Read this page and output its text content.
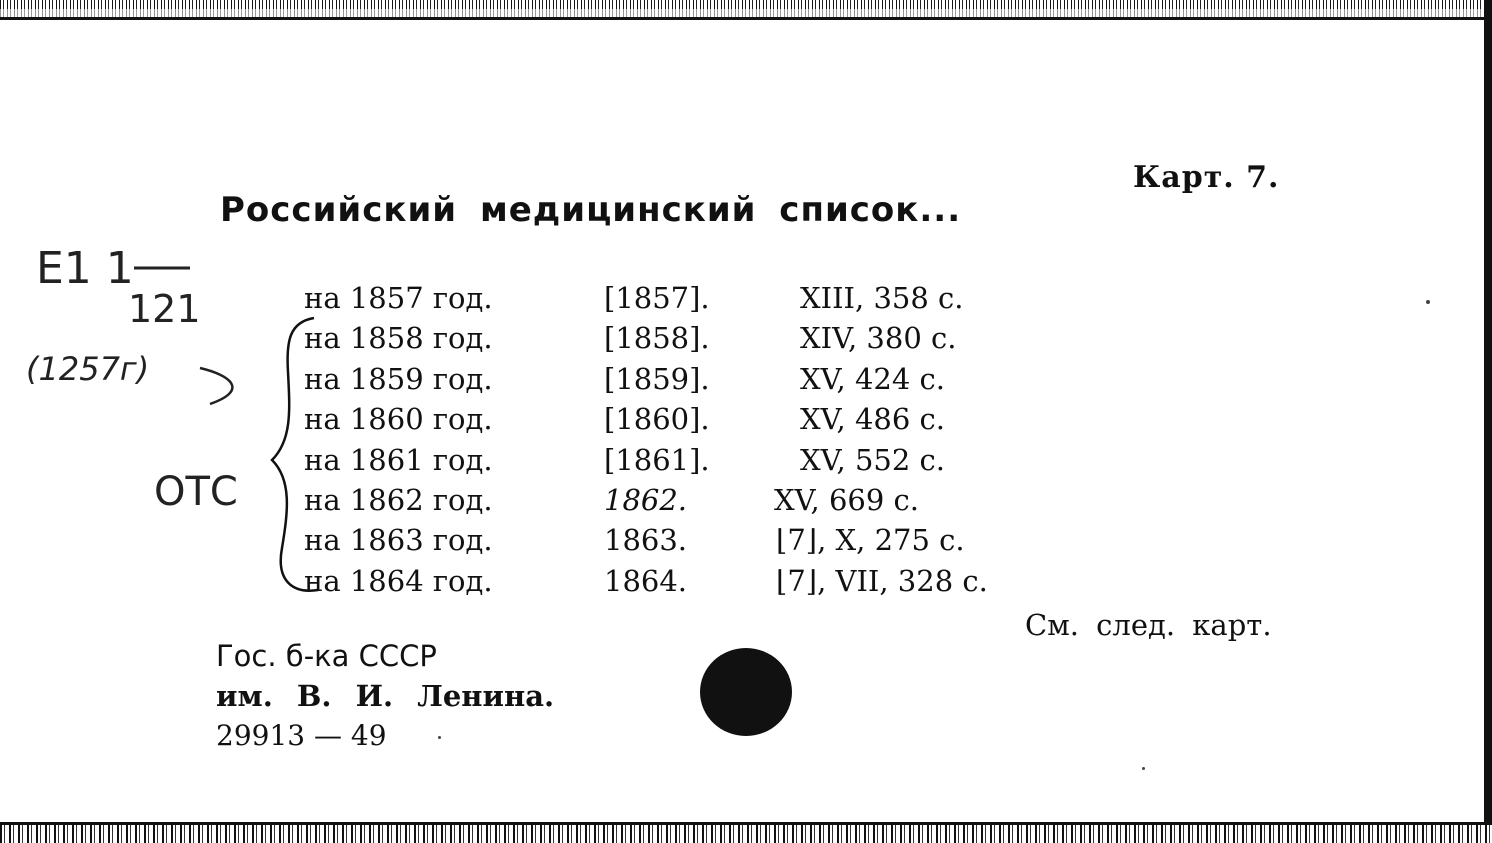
Карт. 7.
Российский медицинский список...
на 1857 год.	[1857].	XIII, 358 с.
на 1858 год.	[1858].	XIV, 380 с.
на 1859 год.	[1859].	XV, 424 с.
на 1860 год.	[1860].	XV, 486 с.
на 1861 год.	[1861].	XV, 552 с.
на 1862 год.	1862.	XV, 669 с.
на 1863 год.	1863.	⌊7⌋, X, 275 с.
на 1864 год.	1864.	⌊7⌋, VII, 328 с.
См. след. карт.
Гос. б-ка СССР
им. В. И. Ленина.
29913 — 49
E1 1
121
(1257г)
ОТС
